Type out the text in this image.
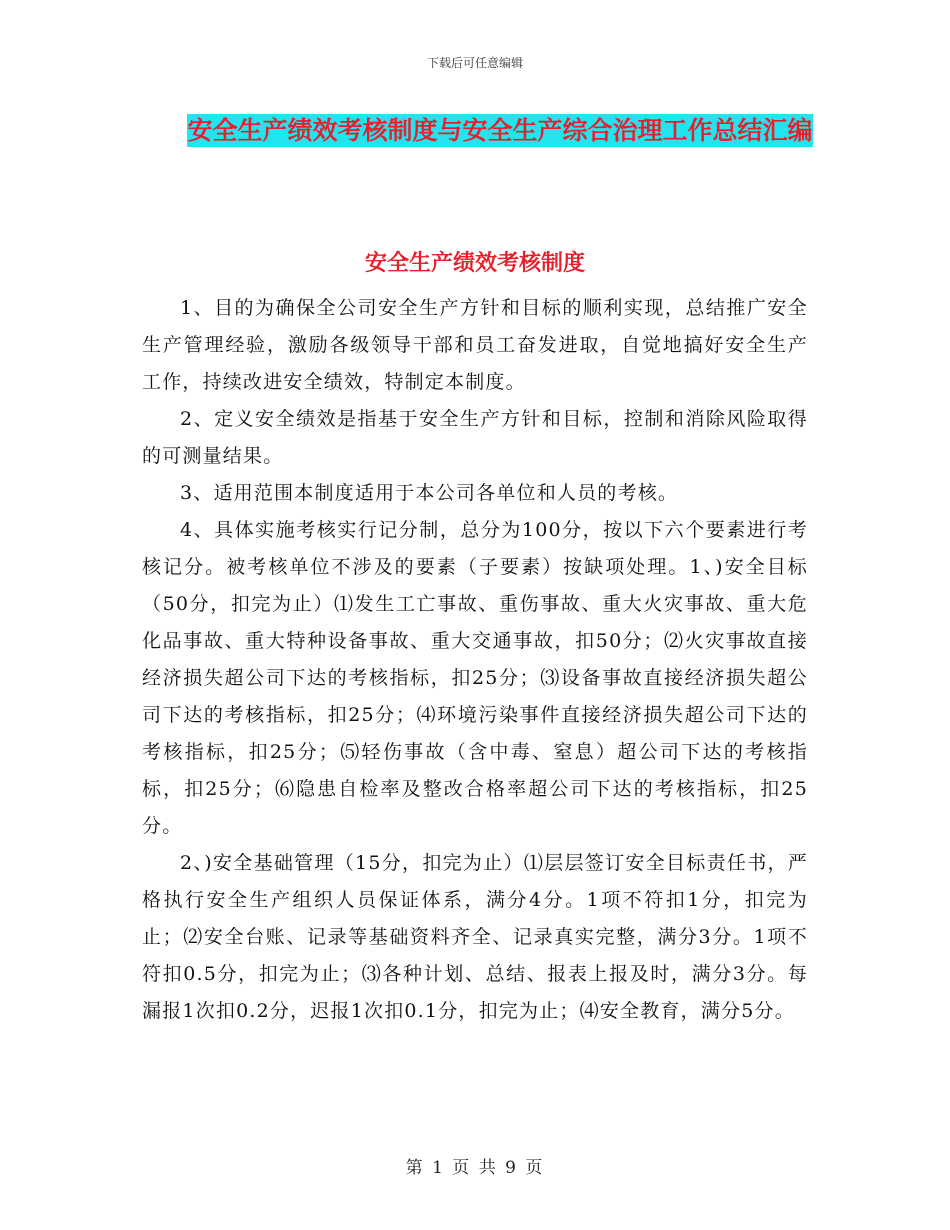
下载后可任意编辑
安全生产绩效考核制度与安全生产综合治理工作总结汇编
安全生产绩效考核制度

1、目的为确保全公司安全生产方针和目标的顺利实现，总结推广安全生产管理经验，激励各级领导干部和员工奋发进取，自觉地搞好安全生产工作，持续改进安全绩效，特制定本制度。

2、定义安全绩效是指基于安全生产方针和目标，控制和消除风险取得的可测量结果。

3、适用范围本制度适用于本公司各单位和人员的考核。

4、具体实施考核实行记分制，总分为100分，按以下六个要素进行考核记分。被考核单位不涉及的要素（子要素）按缺项处理。1、)安全目标（50分，扣完为止）⑴发生工亡事故、重伤事故、重大火灾事故、重大危化品事故、重大特种设备事故、重大交通事故，扣50分；⑵火灾事故直接经济损失超公司下达的考核指标，扣25分；⑶设备事故直接经济损失超公司下达的考核指标，扣25分；⑷环境污染事件直接经济损失超公司下达的考核指标，扣25分；⑸轻伤事故（含中毒、窒息）超公司下达的考核指标，扣25分；⑹隐患自检率及整改合格率超公司下达的考核指标，扣25分。

2、)安全基础管理（15分，扣完为止）⑴层层签订安全目标责任书，严格执行安全生产组织人员保证体系，满分4分。1项不符扣1分，扣完为止；⑵安全台账、记录等基础资料齐全、记录真实完整，满分3分。1项不符扣0.5分，扣完为止；⑶各种计划、总结、报表上报及时，满分3分。每漏报1次扣0.2分，迟报1次扣0.1分，扣完为止；⑷安全教育，满分5分。

第 1 页 共 9 页
